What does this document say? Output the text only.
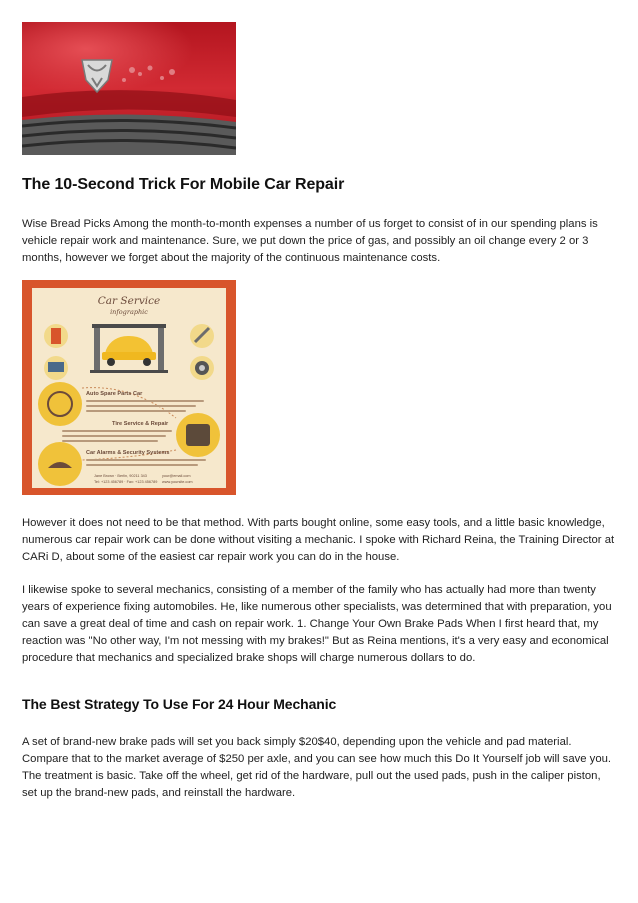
The 10-Second Trick For Mobile Car Repair

Wise Bread Picks Among the month-to-month expenses a number of us forget to consist of in our spending plans is vehicle repair work and maintenance. Sure, we put down the price of gas, and possibly an oil change every 2 or 3 months, however we forget about the majority of the continuous maintenance costs.

Car Service
infographic
Auto Spare Parts Car
Tire Service & Repair
Car Alarms & Security Systems
Jane Brown · Berlin, 90211 343
Tel: +123 456789 · Fax: +123 456789
your@email.com
www.yoursite.com

However it does not need to be that method. With parts bought online, some easy tools, and a little basic knowledge, numerous car repair work can be done without visiting a mechanic. I spoke with Richard Reina, the Training Director at CARi D, about some of the easiest car repair work you can do in the house.

I likewise spoke to several mechanics, consisting of a member of the family who has actually had more than twenty years of experience fixing automobiles. He, like numerous other specialists, was determined that with preparation, you can save a great deal of time and cash on repair work. 1. Change Your Own Brake Pads When I first heard that, my reaction was "No other way, I'm not messing with my brakes!" But as Reina mentions, it's a very easy and economical procedure that mechanics and specialized brake shops will charge numerous dollars to do.

The Best Strategy To Use For 24 Hour Mechanic

A set of brand-new brake pads will set you back simply $20$40, depending upon the vehicle and pad material. Compare that to the market average of $250 per axle, and you can see how much this Do It Yourself job will save you. The treatment is basic. Take off the wheel, get rid of the hardware, pull out the used pads, push in the caliper piston, set up the brand-new pads, and reinstall the hardware.
